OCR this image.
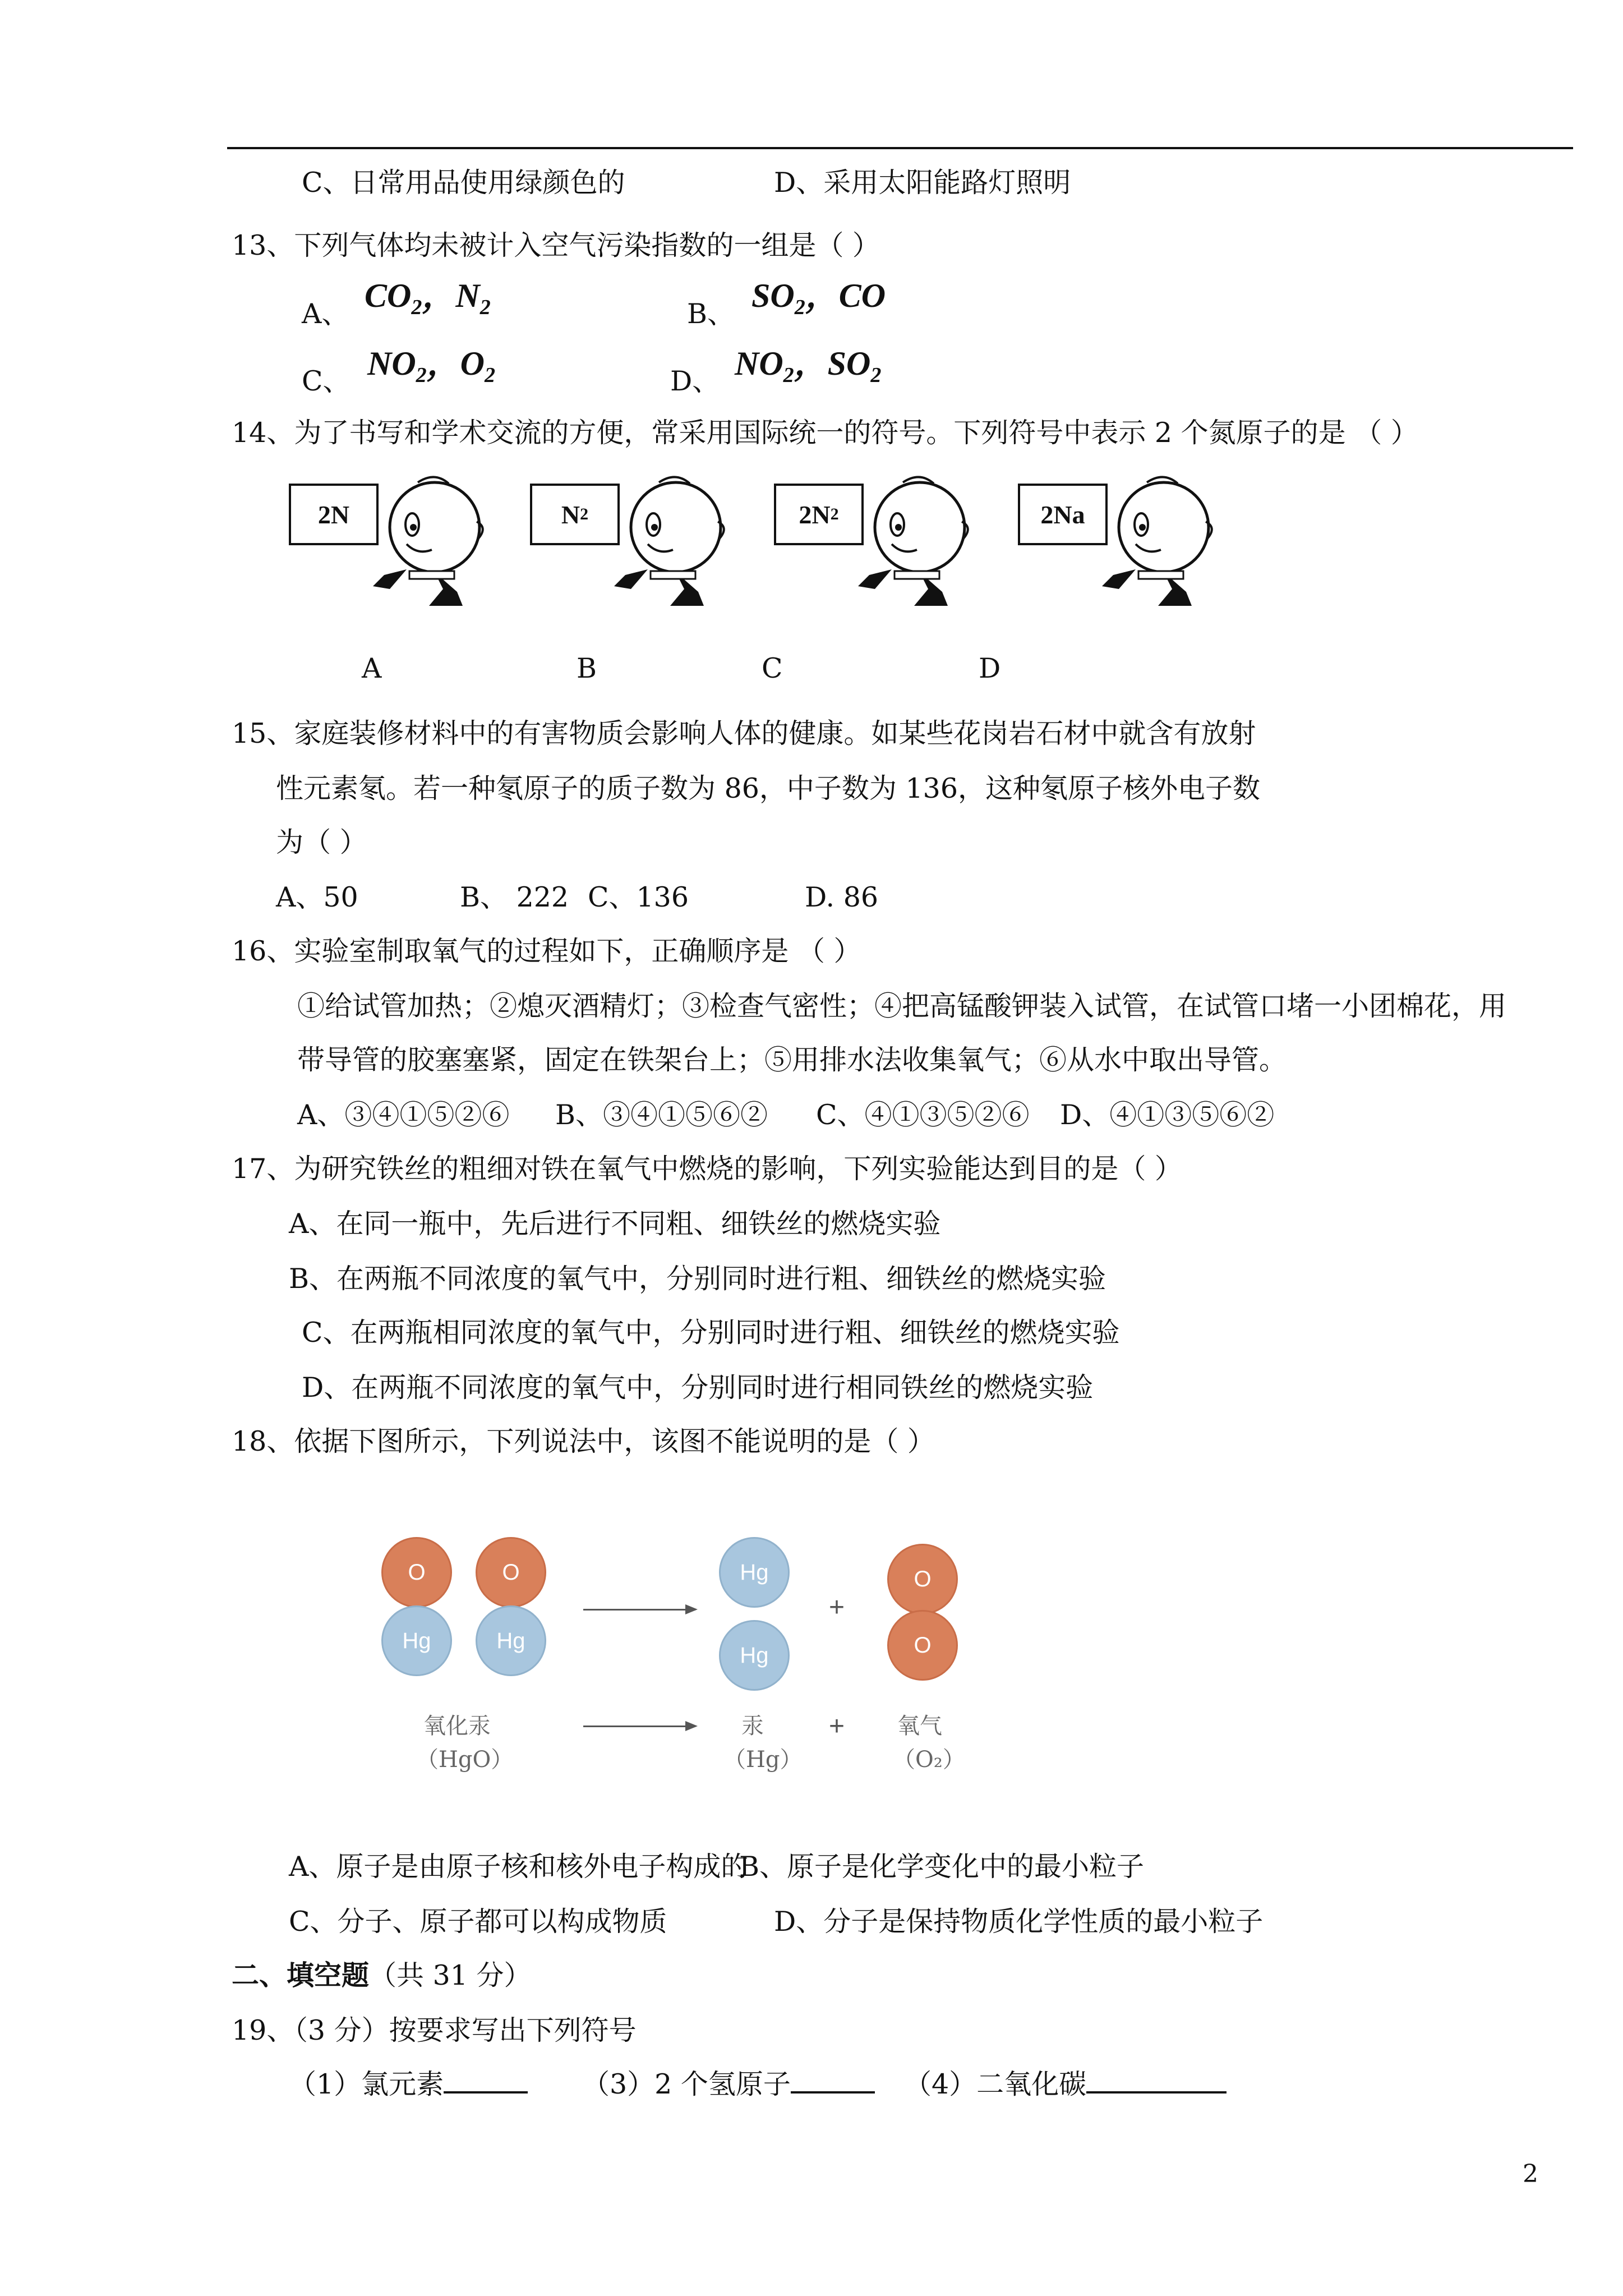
C、日常用品使用绿颜色的	D、采用太阳能路灯照明
13、下列气体均未被计入空气污染指数的一组是（ ）
A、 $CO_2$，$N_2$	B、 $SO_2$，CO
C、 $NO_2$，$O_2$	D、 $NO_2$，$SO_2$
14、为了书写和学术交流的方便，常采用国际统一的符号。下列符号中表示 2 个氮原子的是 （ ）
2N	N 2	2N 2	2Na
A	B	C	D
15、家庭装修材料中的有害物质会影响人体的健康。如某些花岗岩石材中就含有放射
性元素氡。若一种氡原子的质子数为 86，中子数为 136，这种氡原子核外电子数
为（ ）
A、50	B、 222 C、136	D. 86
16、实验室制取氧气的过程如下，正确顺序是 （ ）
①给试管加热；②熄灭酒精灯；③检查气密性；④把高锰酸钾装入试管，在试管口堵一小团棉花，用
带导管的胶塞塞紧，固定在铁架台上；⑤用排水法收集氧气；⑥从水中取出导管。
A、③④①⑤②⑥ B、③④①⑤⑥② C、④①③⑤②⑥ D、④①③⑤⑥②
17、为研究铁丝的粗细对铁在氧气中燃烧的影响，下列实验能达到目的是（ ）
A、在同一瓶中，先后进行不同粗、细铁丝的燃烧实验
B、在两瓶不同浓度的氧气中，分别同时进行粗、细铁丝的燃烧实验
C、在两瓶相同浓度的氧气中，分别同时进行粗、细铁丝的燃烧实验
D、在两瓶不同浓度的氧气中，分别同时进行相同铁丝的燃烧实验
18、依据下图所示，下列说法中，该图不能说明的是（ ）
O
Hg
O
Hg
Hg
Hg
+
O
O
氧化汞
（HgO）
汞
（Hg）
+ 氧气
（O₂）
A、原子是由原子核和核外电子构成的
B、原子是化学变化中的最小粒子
C、分子、原子都可以构成物质	D、分子是保持物质化学性质的最小粒子
二、填空题（共 31 分）
19、（3 分）按要求写出下列符号
（1）氯元素	（3）2 个氢原子	（4）二氧化碳
2
